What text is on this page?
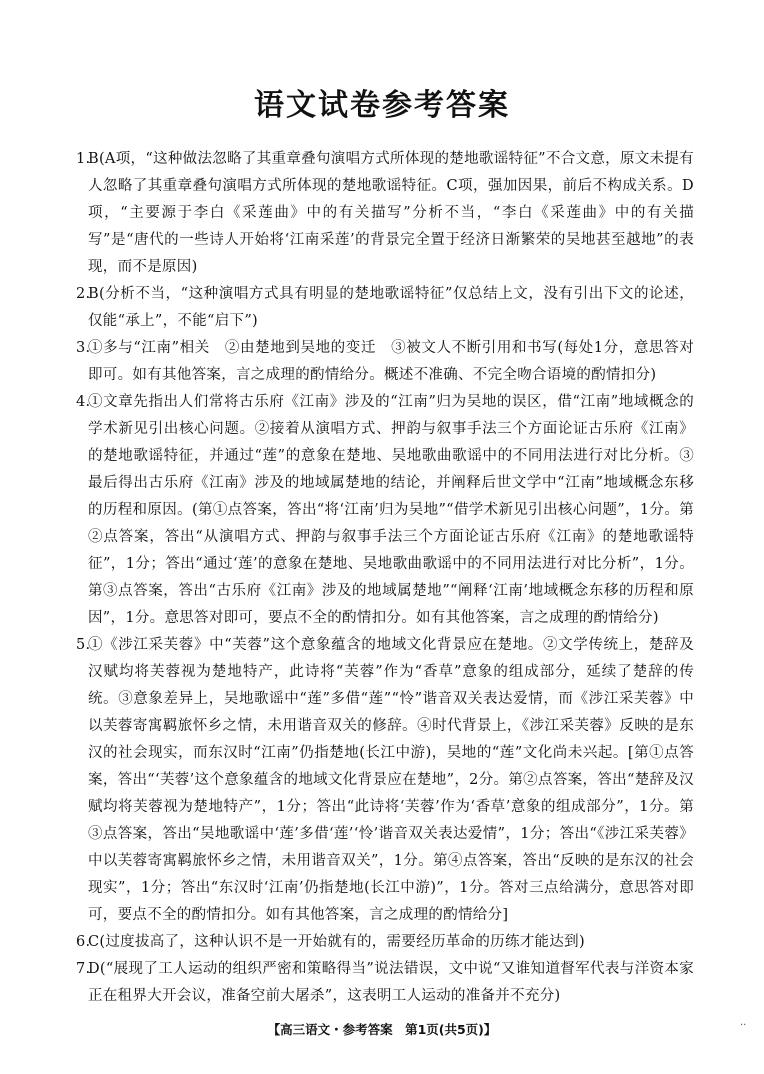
语文试卷参考答案

1.
B(A项，“这种做法忽略了其重章叠句演唱方式所体现的楚地歌谣特征”不合文意，原文未提有人忽略了其重章叠句演唱方式所体现的楚地歌谣特征。C项，强加因果，前后不构成关系。D项，“主要源于李白《采莲曲》中的有关描写”分析不当，“李白《采莲曲》中的有关描写”是“唐代的一些诗人开始将‘江南采莲’的背景完全置于经济日渐繁荣的吴地甚至越地”的表现，而不是原因)

2.
B(分析不当，“这种演唱方式具有明显的楚地歌谣特征”仅总结上文，没有引出下文的论述，仅能“承上”，不能“启下”)

3.
①多与“江南”相关　②由楚地到吴地的变迁　③被文人不断引用和书写(每处1分，意思答对即可。如有其他答案，言之成理的酌情给分。概述不准确、不完全吻合语境的酌情扣分)

4.
①文章先指出人们常将古乐府《江南》涉及的“江南”归为吴地的误区，借“江南”地域概念的学术新见引出核心问题。②接着从演唱方式、押韵与叙事手法三个方面论证古乐府《江南》的楚地歌谣特征，并通过“莲”的意象在楚地、吴地歌曲歌谣中的不同用法进行对比分析。③最后得出古乐府《江南》涉及的地域属楚地的结论，并阐释后世文学中“江南”地域概念东移的历程和原因。(第①点答案，答出“将‘江南’归为吴地”“借学术新见引出核心问题”，1分。第②点答案，答出“从演唱方式、押韵与叙事手法三个方面论证古乐府《江南》的楚地歌谣特征”，1分；答出“通过‘莲’的意象在楚地、吴地歌曲歌谣中的不同用法进行对比分析”，1分。第③点答案，答出“古乐府《江南》涉及的地域属楚地”“阐释‘江南’地域概念东移的历程和原因”，1分。意思答对即可，要点不全的酌情扣分。如有其他答案，言之成理的酌情给分)

5.
①《涉江采芙蓉》中“芙蓉”这个意象蕴含的地域文化背景应在楚地。②文学传统上，楚辞及汉赋均将芙蓉视为楚地特产，此诗将“芙蓉”作为“香草”意象的组成部分，延续了楚辞的传统。③意象差异上，吴地歌谣中“莲”多借“莲”“怜”谐音双关表达爱情，而《涉江采芙蓉》中以芙蓉寄寓羁旅怀乡之情，未用谐音双关的修辞。④时代背景上，《涉江采芙蓉》反映的是东汉的社会现实，而东汉时“江南”仍指楚地(长江中游)，吴地的“莲”文化尚未兴起。[第①点答案，答出“‘芙蓉’这个意象蕴含的地域文化背景应在楚地”，2分。第②点答案，答出“楚辞及汉赋均将芙蓉视为楚地特产”，1分；答出“此诗将‘芙蓉’作为‘香草’意象的组成部分”，1分。第③点答案，答出“吴地歌谣中‘莲’多借‘莲’‘怜’谐音双关表达爱情”，1分；答出“《涉江采芙蓉》中以芙蓉寄寓羁旅怀乡之情，未用谐音双关”，1分。第④点答案，答出“反映的是东汉的社会现实”，1分；答出“东汉时‘江南’仍指楚地(长江中游)”，1分。答对三点给满分，意思答对即可，要点不全的酌情扣分。如有其他答案，言之成理的酌情给分]

6.
C(过度拔高了，这种认识不是一开始就有的，需要经历革命的历练才能达到)

7.
D(“展现了工人运动的组织严密和策略得当”说法错误，文中说“又谁知道督军代表与洋资本家正在租界大开会议，准备空前大屠杀”，这表明工人运动的准备并不充分)

【高三语文・参考答案　第1页(共5页)】	··
